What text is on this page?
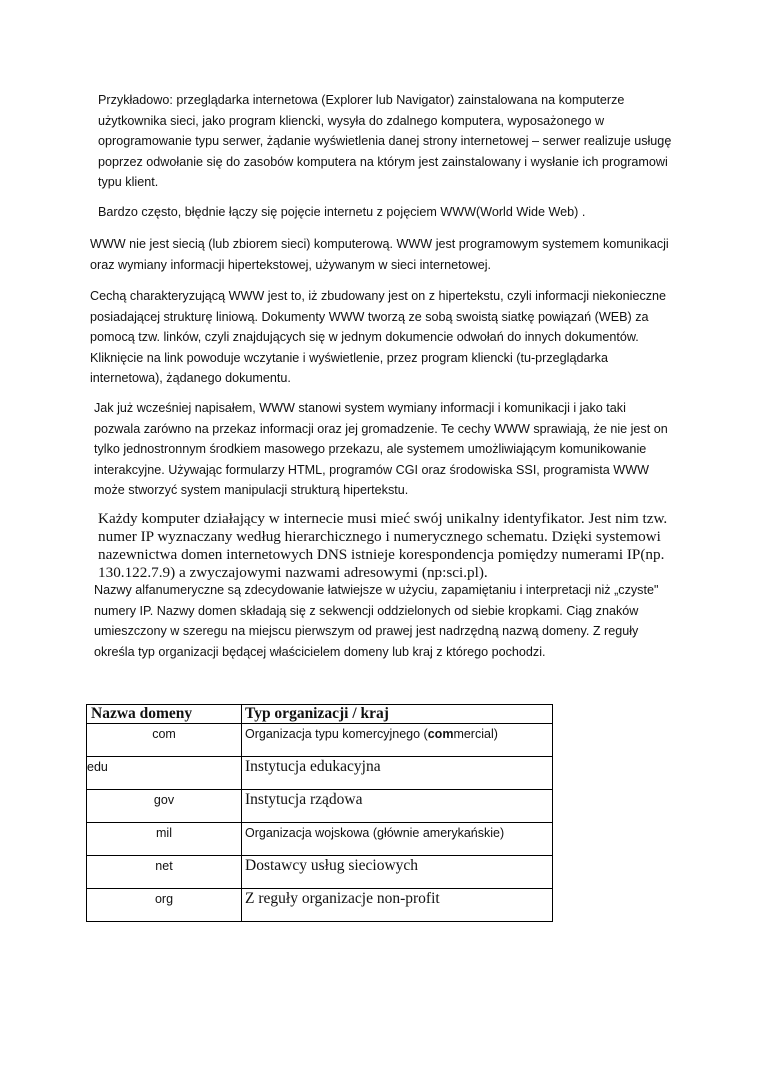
Przykładowo: przeglądarka internetowa (Explorer lub Navigator) zainstalowana na komputerze użytkownika sieci, jako program kliencki, wysyła do zdalnego komputera, wyposażonego w oprogramowanie typu serwer, żądanie wyświetlenia danej strony internetowej – serwer realizuje usługę poprzez odwołanie się do zasobów komputera na którym jest zainstalowany i wysłanie ich programowi typu klient.

Bardzo często, błędnie łączy się pojęcie internetu z pojęciem WWW(World Wide Web) .

WWW nie jest siecią (lub zbiorem sieci) komputerową. WWW jest programowym systemem komunikacji oraz wymiany informacji hipertekstowej, używanym w sieci internetowej.

Cechą charakteryzującą WWW jest to, iż zbudowany jest on z hipertekstu, czyli informacji niekonieczne posiadającej strukturę liniową. Dokumenty WWW tworzą ze sobą swoistą siatkę powiązań (WEB) za pomocą tzw. linków, czyli znajdujących się w jednym dokumencie odwołań do innych dokumentów. Kliknięcie na link powoduje wczytanie i wyświetlenie, przez program kliencki (tu-przeglądarka internetowa), żądanego dokumentu.

Jak już wcześniej napisałem, WWW stanowi system wymiany informacji i komunikacji i jako taki pozwala zarówno na przekaz informacji oraz jej gromadzenie. Te cechy WWW sprawiają, że nie jest on tylko jednostronnym środkiem masowego przekazu, ale systemem umożliwiającym komunikowanie interakcyjne. Używając formularzy HTML, programów CGI oraz środowiska SSI, programista WWW może stworzyć system manipulacji strukturą hipertekstu.

Każdy komputer działający w internecie musi mieć swój unikalny identyfikator. Jest nim tzw. numer IP wyznaczany według hierarchicznego i numerycznego schematu. Dzięki systemowi nazewnictwa domen internetowych DNS istnieje korespondencja pomiędzy numerami IP(np. 130.122.7.9) a zwyczajowymi nazwami adresowymi (np:sci.pl).

Nazwy alfanumeryczne są zdecydowanie łatwiejsze w użyciu, zapamiętaniu i interpretacji niż „czyste" numery IP. Nazwy domen składają się z sekwencji oddzielonych od siebie kropkami. Ciąg znaków umieszczony w szeregu na miejscu pierwszym od prawej jest nadrzędną nazwą domeny. Z reguły określa typ organizacji będącej właścicielem domeny lub kraj z którego pochodzi.

Nazwa domeny	Typ organizacji / kraj
com	Organizacja typu komercyjnego (commercial)
edu	Instytucja edukacyjna
gov	Instytucja rządowa
mil	Organizacja wojskowa (głównie amerykańskie)
net	Dostawcy usług sieciowych
org	Z reguły organizacje non-profit
